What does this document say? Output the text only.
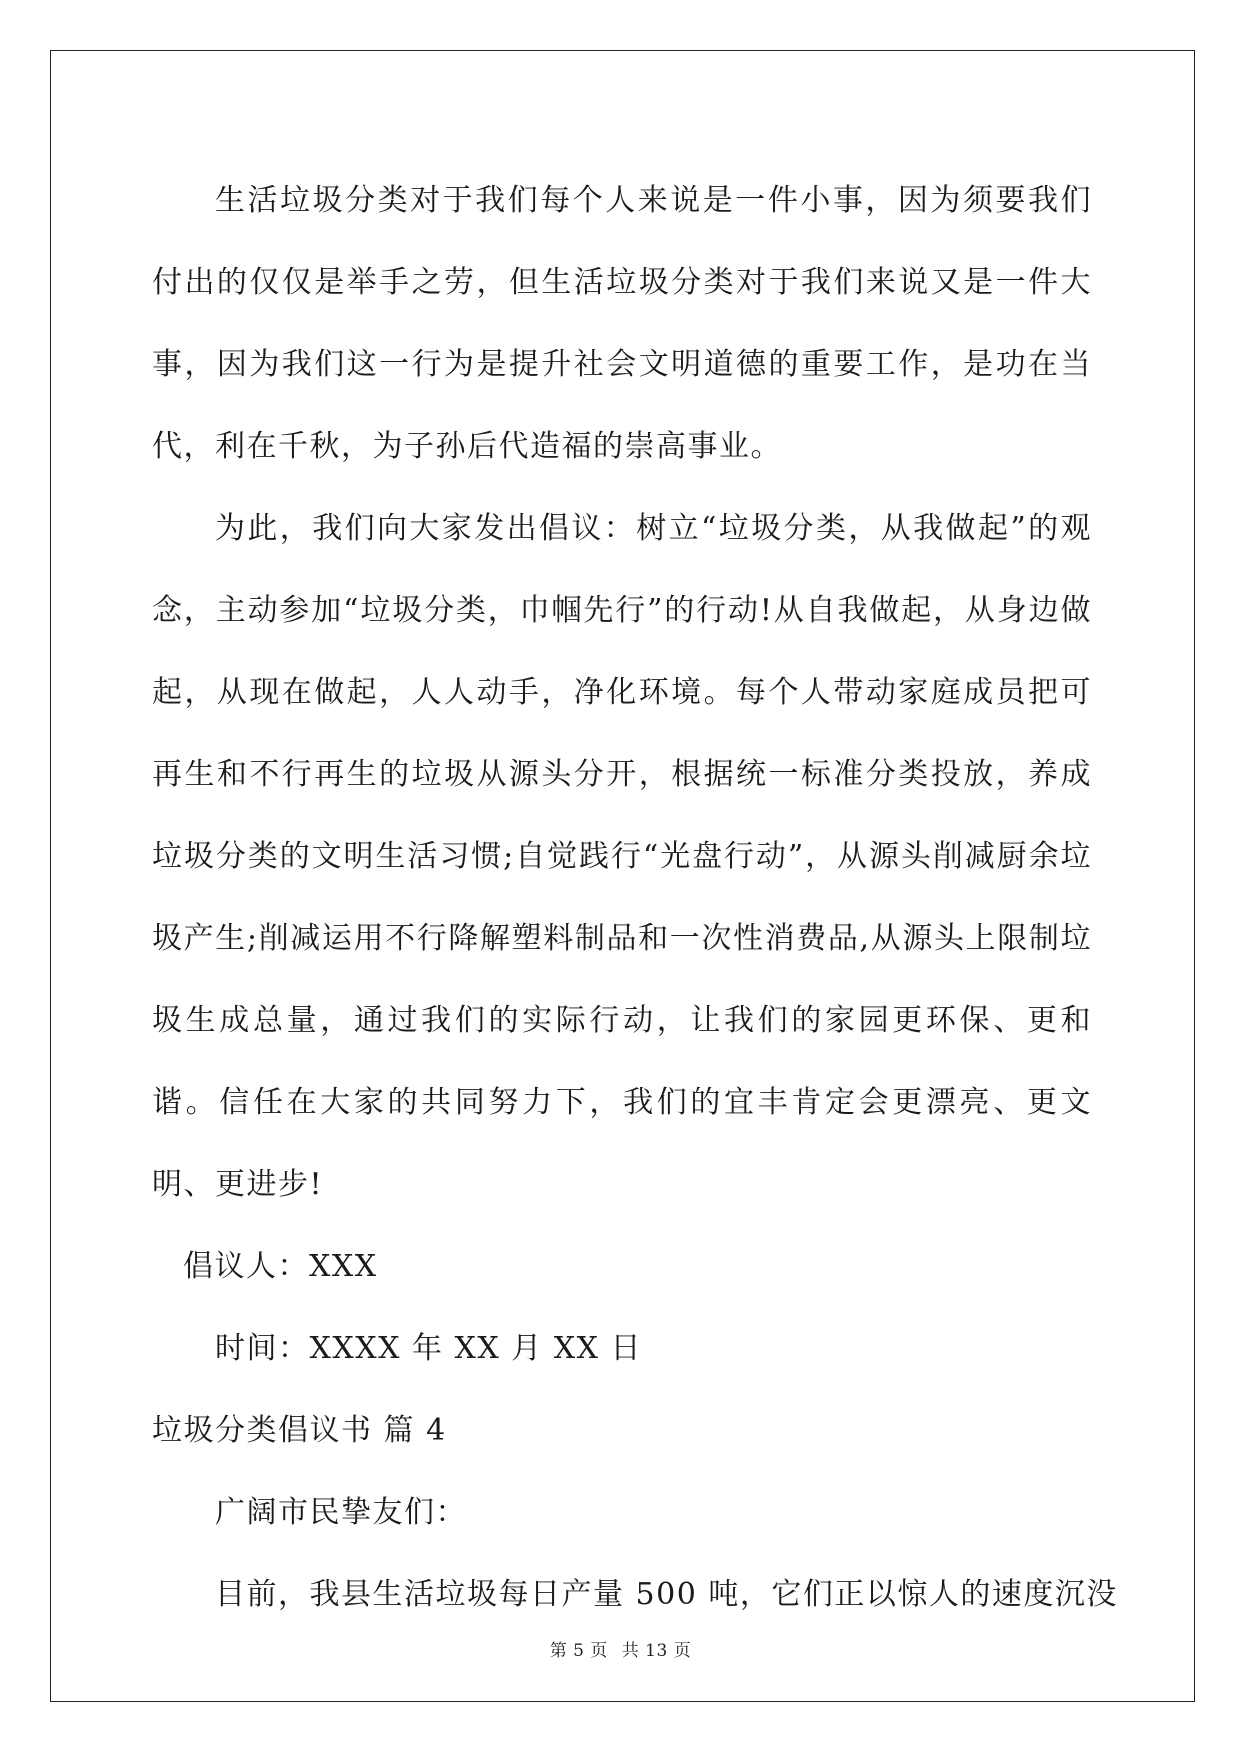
生活垃圾分类对于我们每个人来说是一件小事，因为须要我们付出的仅仅是举手之劳，但生活垃圾分类对于我们来说又是一件大事，因为我们这一行为是提升社会文明道德的重要工作，是功在当代，利在千秋，为子孙后代造福的崇高事业。

为此，我们向大家发出倡议：树立“垃圾分类，从我做起”的观念，主动参加“垃圾分类，巾帼先行”的行动!从自我做起，从身边做起，从现在做起，人人动手，净化环境。每个人带动家庭成员把可再生和不行再生的垃圾从源头分开，根据统一标准分类投放，养成垃圾分类的文明生活习惯;自觉践行“光盘行动”，从源头削减厨余垃圾产生;削减运用不行降解塑料制品和一次性消费品,从源头上限制垃圾生成总量，通过我们的实际行动，让我们的家园更环保、更和谐。信任在大家的共同努力下，我们的宜丰肯定会更漂亮、更文明、更进步!

倡议人：XXX
时间：XXXX 年 XX 月 XX 日
垃圾分类倡议书 篇 4
广阔市民挚友们：
目前，我县生活垃圾每日产量 500 吨，它们正以惊人的速度沉没
第 5 页 共 13 页
